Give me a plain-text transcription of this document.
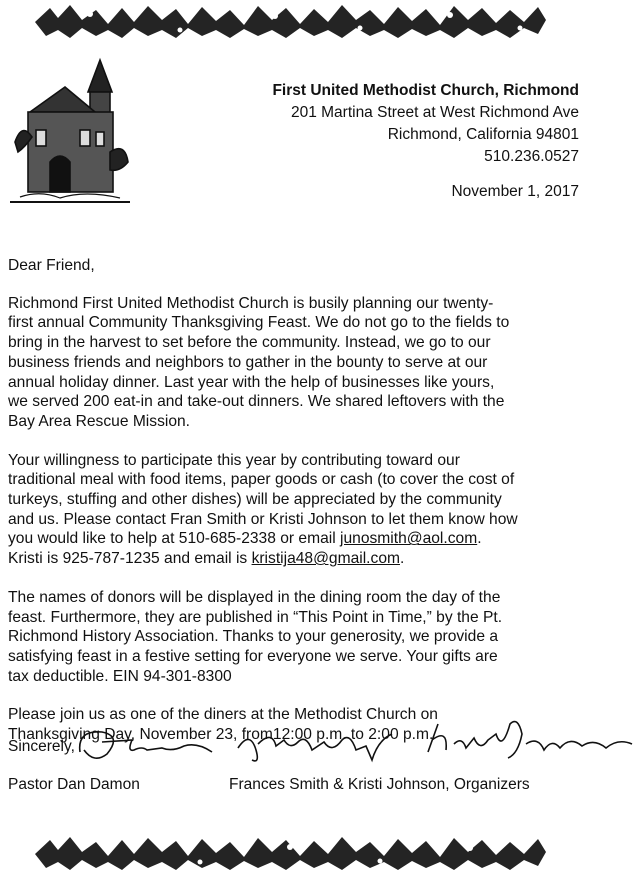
First United Methodist Church, Richmond
201 Martina Street at West Richmond Ave
Richmond, California 94801
510.236.0527
November 1, 2017

Dear Friend,

Richmond First United Methodist Church is busily planning our twenty-
first annual Community Thanksgiving Feast. We do not go to the fields to
bring in the harvest to set before the community. Instead, we go to our
business friends and neighbors to gather in the bounty to serve at our
annual holiday dinner. Last year with the help of businesses like yours,
we served 200 eat-in and take-out dinners. We shared leftovers with the
Bay Area Rescue Mission.

Your willingness to participate this year by contributing toward our
traditional meal with food items, paper goods or cash (to cover the cost of
turkeys, stuffing and other dishes) will be appreciated by the community
and us. Please contact Fran Smith or Kristi Johnson to let them know how
you would like to help at 510-685-2338 or email junosmith@aol.com.
Kristi is 925-787-1235 and email is kristija48@gmail.com.

The names of donors will be displayed in the dining room the day of the
feast. Furthermore, they are published in “This Point in Time,” by the Pt.
Richmond History Association. Thanks to your generosity, we provide a
satisfying feast in a festive setting for everyone we serve. Your gifts are
tax deductible. EIN 94-301-8300

Please join us as one of the diners at the Methodist Church on
Thanksgiving Day, November 23, from12:00 p.m. to 2:00 p.m.

Sincerely,
Pastor Dan Damon	Frances Smith & Kristi Johnson, Organizers
